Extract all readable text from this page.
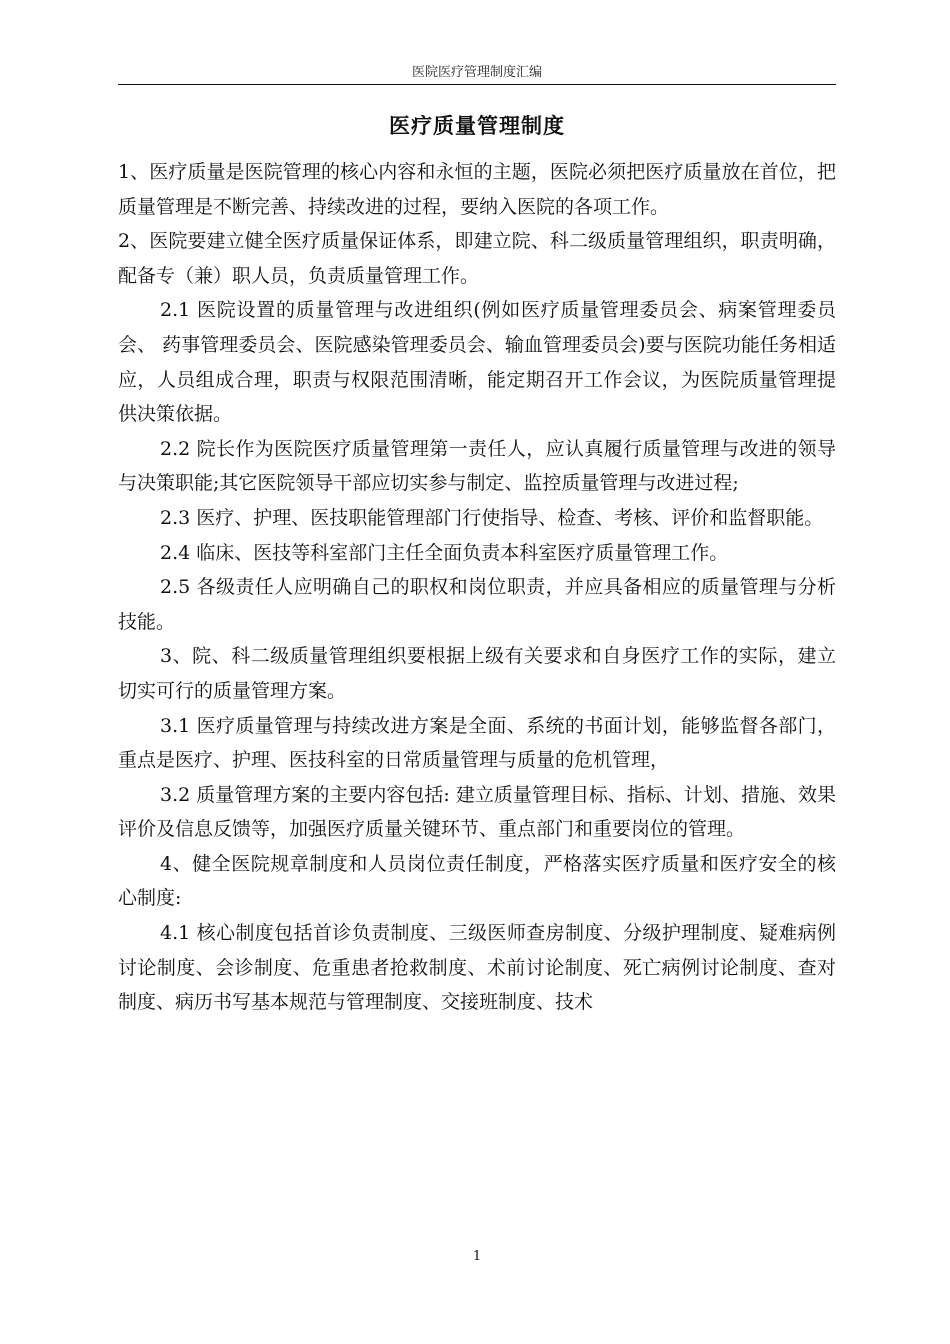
医院医疗管理制度汇编
医疗质量管理制度

1、医疗质量是医院管理的核心内容和永恒的主题，医院必须把医疗质量放在首位，把质量管理是不断完善、持续改进的过程，要纳入医院的各项工作。

2、医院要建立健全医疗质量保证体系，即建立院、科二级质量管理组织，职责明确，配备专（兼）职人员，负责质量管理工作。

2.1 医院设置的质量管理与改进组织(例如医疗质量管理委员会、病案管理委员会、 药事管理委员会、医院感染管理委员会、输血管理委员会)要与医院功能任务相适应，人员组成合理，职责与权限范围清晰，能定期召开工作会议，为医院质量管理提供决策依据。

2.2 院长作为医院医疗质量管理第一责任人，应认真履行质量管理与改进的领导与决策职能;其它医院领导干部应切实参与制定、监控质量管理与改进过程;

2.3 医疗、护理、医技职能管理部门行使指导、检查、考核、评价和监督职能。

2.4 临床、医技等科室部门主任全面负责本科室医疗质量管理工作。

2.5 各级责任人应明确自己的职权和岗位职责，并应具备相应的质量管理与分析技能。

3、院、科二级质量管理组织要根据上级有关要求和自身医疗工作的实际，建立切实可行的质量管理方案。

3.1 医疗质量管理与持续改进方案是全面、系统的书面计划，能够监督各部门，重点是医疗、护理、医技科室的日常质量管理与质量的危机管理，

3.2 质量管理方案的主要内容包括: 建立质量管理目标、指标、计划、措施、效果评价及信息反馈等，加强医疗质量关键环节、重点部门和重要岗位的管理。

4、健全医院规章制度和人员岗位责任制度，严格落实医疗质量和医疗安全的核心制度:

4.1 核心制度包括首诊负责制度、三级医师查房制度、分级护理制度、疑难病例讨论制度、会诊制度、危重患者抢救制度、术前讨论制度、死亡病例讨论制度、查对制度、病历书写基本规范与管理制度、交接班制度、技术

1
